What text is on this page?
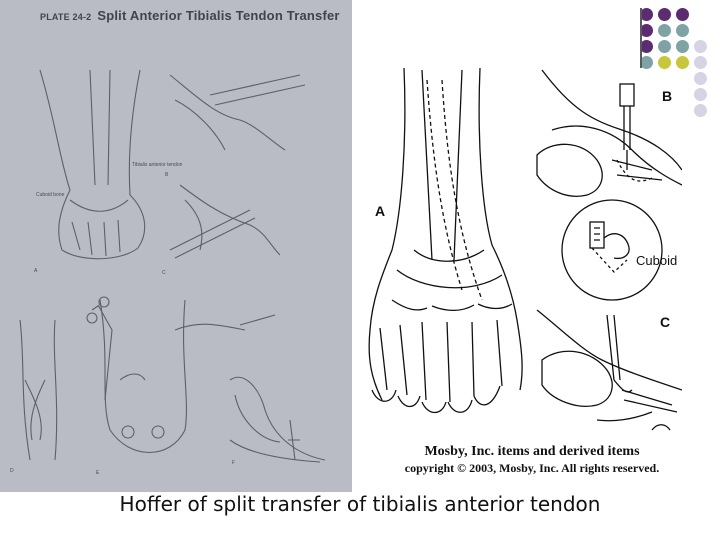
PLATE 24-2 Split Anterior Tibialis Tendon Transfer
Tibialis anterior tendon
Cuboid bone
A
B
C
D	E
F
A
B
C
Cuboid
Mosby, Inc. items and derived items
copyright © 2003, Mosby, Inc. All rights reserved.
Hoffer of split transfer of tibialis anterior tendon
